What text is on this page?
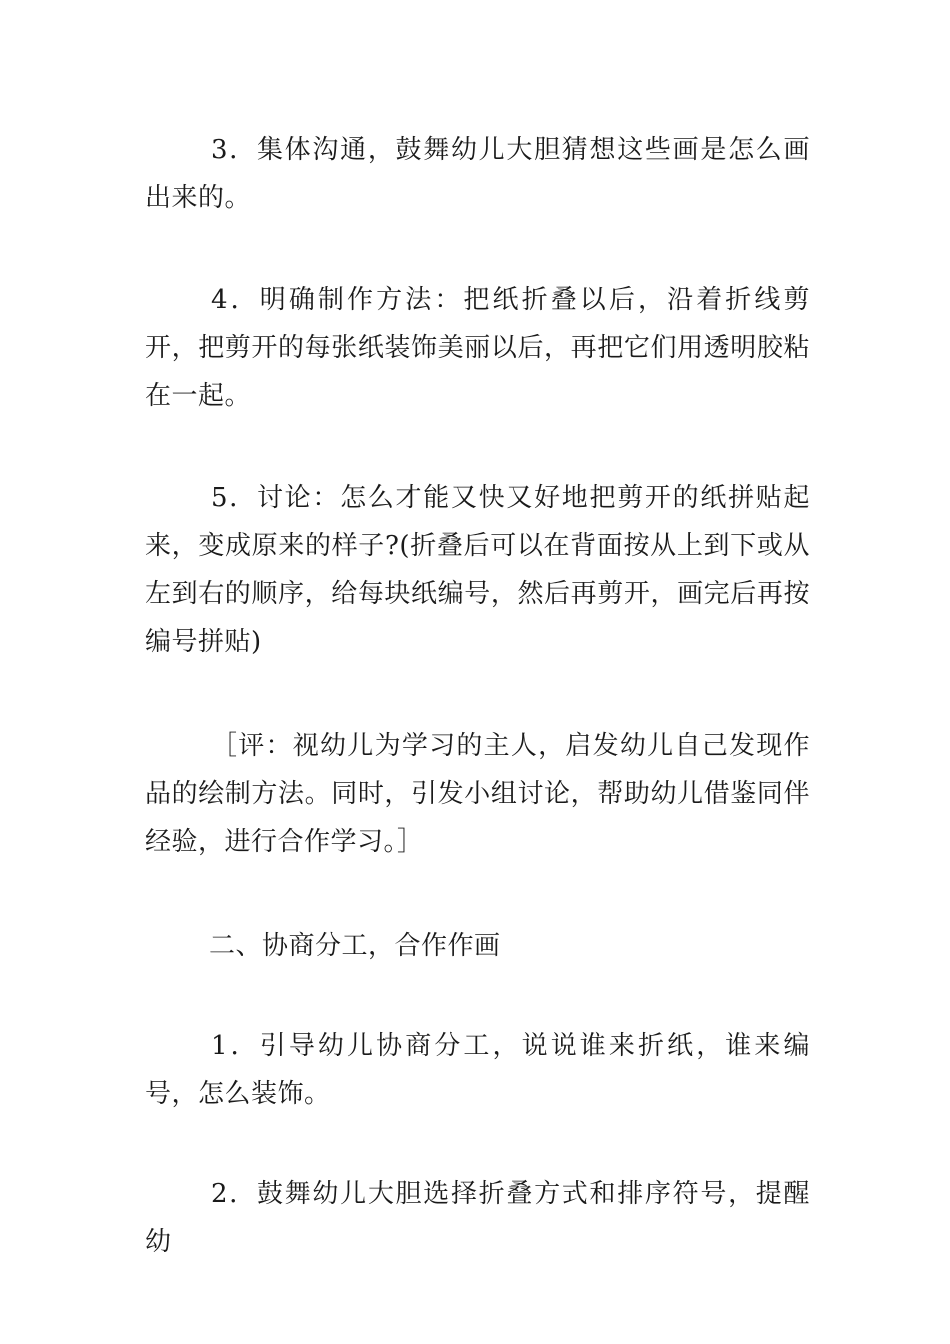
3．集体沟通，鼓舞幼儿大胆猜想这些画是怎么画出来的。

4．明确制作方法：把纸折叠以后，沿着折线剪开，把剪开的每张纸装饰美丽以后，再把它们用透明胶粘在一起。

5．讨论：怎么才能又快又好地把剪开的纸拼贴起来，变成原来的样子?(折叠后可以在背面按从上到下或从左到右的顺序，给每块纸编号，然后再剪开，画完后再按编号拼贴)

［评：视幼儿为学习的主人，启发幼儿自己发现作品的绘制方法。同时，引发小组讨论，帮助幼儿借鉴同伴经验，进行合作学习。］

二、协商分工，合作作画

1．引导幼儿协商分工，说说谁来折纸，谁来编号，怎么装饰。

2．鼓舞幼儿大胆选择折叠方式和排序符号，提醒幼
